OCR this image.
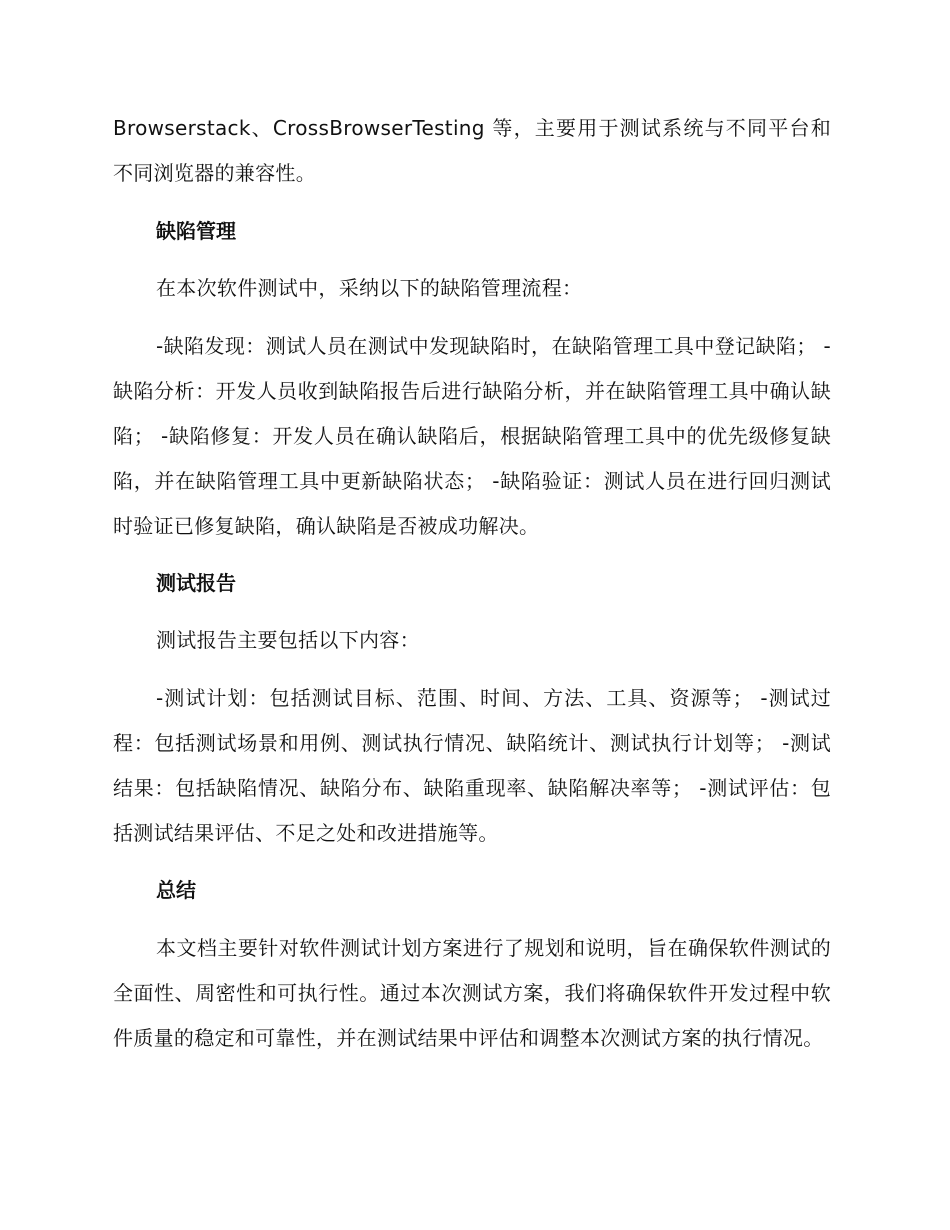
Browserstack、CrossBrowserTesting 等，主要用于测试系统与不同平台和不同浏览器的兼容性。

缺陷管理

在本次软件测试中，采纳以下的缺陷管理流程：

-缺陷发现：测试人员在测试中发现缺陷时，在缺陷管理工具中登记缺陷； -缺陷分析：开发人员收到缺陷报告后进行缺陷分析，并在缺陷管理工具中确认缺陷； -缺陷修复：开发人员在确认缺陷后，根据缺陷管理工具中的优先级修复缺陷，并在缺陷管理工具中更新缺陷状态； -缺陷验证：测试人员在进行回归测试时验证已修复缺陷，确认缺陷是否被成功解决。

测试报告

测试报告主要包括以下内容：

-测试计划：包括测试目标、范围、时间、方法、工具、资源等； -测试过程：包括测试场景和用例、测试执行情况、缺陷统计、测试执行计划等； -测试结果：包括缺陷情况、缺陷分布、缺陷重现率、缺陷解决率等； -测试评估：包括测试结果评估、不足之处和改进措施等。

总结

本文档主要针对软件测试计划方案进行了规划和说明，旨在确保软件测试的全面性、周密性和可执行性。通过本次测试方案，我们将确保软件开发过程中软件质量的稳定和可靠性，并在测试结果中评估和调整本次测试方案的执行情况。
